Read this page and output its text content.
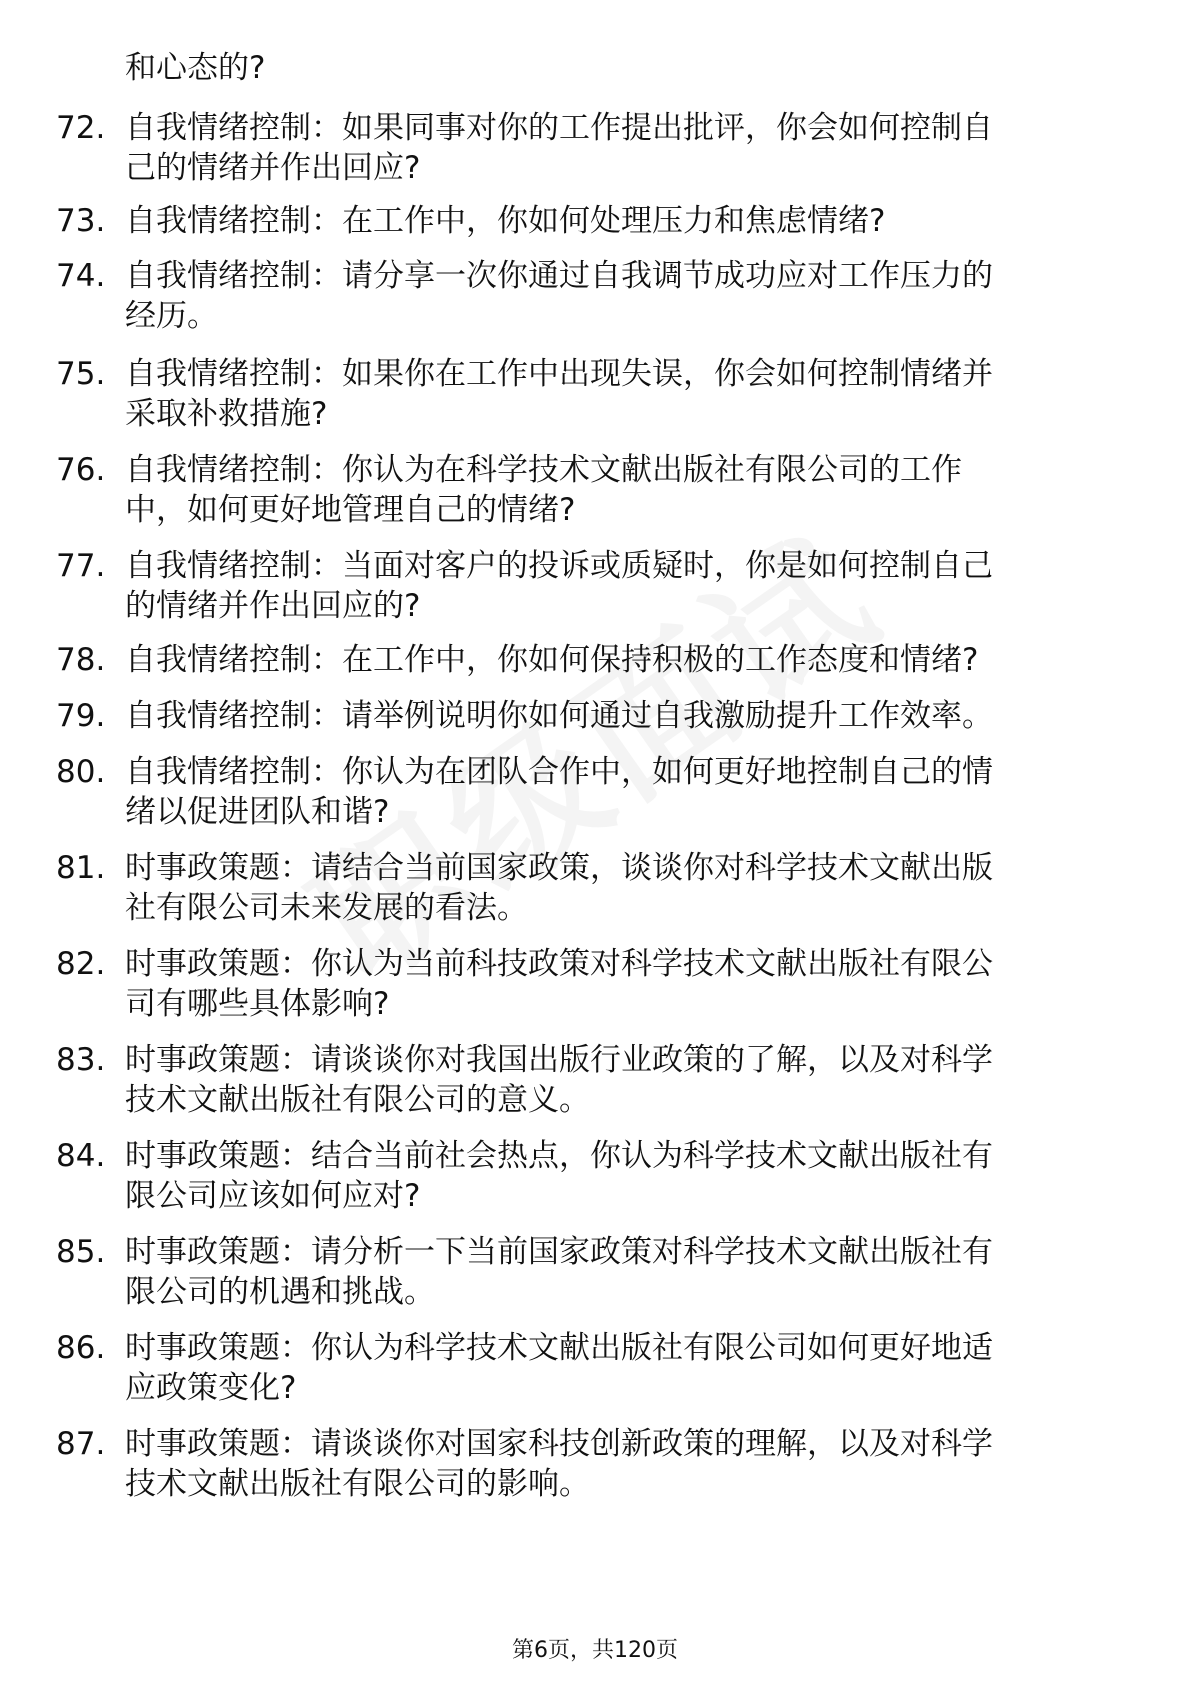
和心态的?
72. 自我情绪控制：如果同事对你的工作提出批评，你会如何控制自
己的情绪并作出回应?
73. 自我情绪控制：在工作中，你如何处理压力和焦虑情绪?
74. 自我情绪控制：请分享一次你通过自我调节成功应对工作压力的
经历。
75. 自我情绪控制：如果你在工作中出现失误，你会如何控制情绪并
采取补救措施?
76. 自我情绪控制：你认为在科学技术文献出版社有限公司的工作
中，如何更好地管理自己的情绪?
77. 自我情绪控制：当面对客户的投诉或质疑时，你是如何控制自己
的情绪并作出回应的?
78. 自我情绪控制：在工作中，你如何保持积极的工作态度和情绪?
79. 自我情绪控制：请举例说明你如何通过自我激励提升工作效率。
80. 自我情绪控制：你认为在团队合作中，如何更好地控制自己的情
绪以促进团队和谐?
81. 时事政策题：请结合当前国家政策，谈谈你对科学技术文献出版
社有限公司未来发展的看法。
82. 时事政策题：你认为当前科技政策对科学技术文献出版社有限公
司有哪些具体影响?
83. 时事政策题：请谈谈你对我国出版行业政策的了解，以及对科学
技术文献出版社有限公司的意义。
84. 时事政策题：结合当前社会热点，你认为科学技术文献出版社有
限公司应该如何应对?
85. 时事政策题：请分析一下当前国家政策对科学技术文献出版社有
限公司的机遇和挑战。
86. 时事政策题：你认为科学技术文献出版社有限公司如何更好地适
应政策变化?
87. 时事政策题：请谈谈你对国家科技创新政策的理解，以及对科学
技术文献出版社有限公司的影响。
第6页，共120页
